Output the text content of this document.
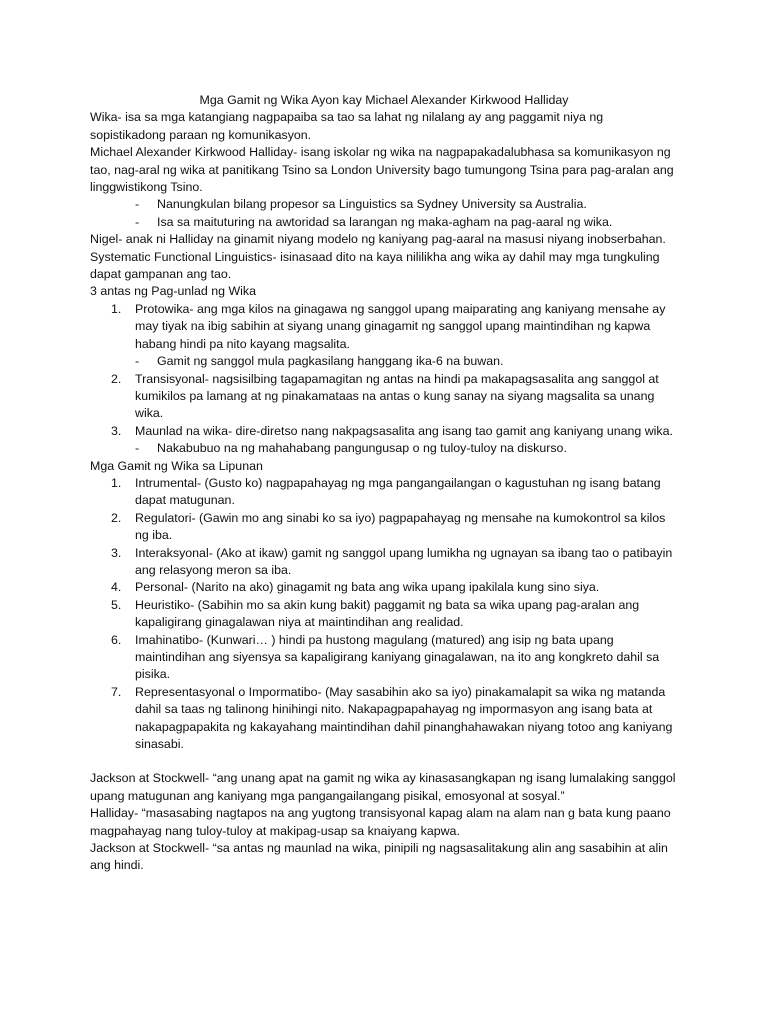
Mga Gamit ng Wika Ayon kay Michael Alexander Kirkwood Halliday

Wika- isa sa mga katangiang nagpapaiba sa tao sa lahat ng nilalang ay ang paggamit niya ng sopistikadong paraan ng komunikasyon.

Michael Alexander Kirkwood Halliday- isang iskolar ng wika na nagpapakadalubhasa sa komunikasyon ng tao, nag-aral ng wika at panitikang Tsino sa London University bago tumungong Tsina para pag-aralan ang linggwistikong Tsino.

- Nanungkulan bilang propesor sa Linguistics sa Sydney University sa Australia.
- Isa sa maituturing na awtoridad sa larangan ng maka-agham na pag-aaral ng wika.

Nigel- anak ni Halliday na ginamit niyang modelo ng kaniyang pag-aaral na masusi niyang inobserbahan.

Systematic Functional Linguistics- isinasaad dito na kaya nililikha ang wika ay dahil may mga tungkuling dapat gampanan ang tao.

3 antas ng Pag-unlad ng Wika

1. Protowika- ang mga kilos na ginagawa ng sanggol upang maiparating ang kaniyang mensahe ay may tiyak na ibig sabihin at siyang unang ginagamit ng sanggol upang maintindihan ng kapwa habang hindi pa nito kayang magsalita.
- Gamit ng sanggol mula pagkasilang hanggang ika-6 na buwan.
2. Transisyonal- nagsisilbing tagapamagitan ng antas na hindi pa makapagsasalita ang sanggol at kumikilos pa lamang at ng pinakamataas na antas o kung sanay na siyang magsalita sa unang wika.
3. Maunlad na wika- dire-diretso nang nakpagsasalita ang isang tao gamit ang kaniyang unang wika.
- Nakabubuo na ng mahahabang pangungusap o ng tuloy-tuloy na diskurso.

Mga Gamit ng Wika sa Lipunan

1. Intrumental- (Gusto ko) nagpapahayag ng mga pangangailangan o kagustuhan ng isang batang dapat matugunan.
2. Regulatori- (Gawin mo ang sinabi ko sa iyo) pagpapahayag ng mensahe na kumokontrol sa kilos ng iba.
3. Interaksyonal- (Ako at ikaw) gamit ng sanggol upang lumikha ng ugnayan sa ibang tao o patibayin ang relasyong meron sa iba.
4. Personal- (Narito na ako) ginagamit ng bata ang wika upang ipakilala kung sino siya.
5. Heuristiko- (Sabihin mo sa akin kung bakit) paggamit ng bata sa wika upang pag-aralan ang kapaligirang ginagalawan niya at maintindihan ang realidad.
6. Imahinatibo- (Kunwari… ) hindi pa hustong magulang (matured) ang isip ng bata upang maintindihan ang siyensya sa kapaligirang kaniyang ginagalawan, na ito ang kongkreto dahil sa pisika.
7. Representasyonal o Impormatibo- (May sasabihin ako sa iyo) pinakamalapit sa wika ng matanda dahil sa taas ng talinong hinihingi nito. Nakapagpapahayag ng impormasyon ang isang bata at nakapagpapakita ng kakayahang maintindihan dahil pinanghahawakan niyang totoo ang kaniyang sinasabi.

Jackson at Stockwell- “ang unang apat na gamit ng wika ay kinasasangkapan ng isang lumalaking sanggol upang matugunan ang kaniyang mga pangangailangang pisikal, emosyonal at sosyal.”

Halliday- “masasabing nagtapos na ang yugtong transisyonal kapag alam na alam nan g bata kung paano magpahayag nang tuloy-tuloy at makipag-usap sa knaiyang kapwa.

Jackson at Stockwell- “sa antas ng maunlad na wika, pinipili ng nagsasalitakung alin ang sasabihin at alin ang hindi.
